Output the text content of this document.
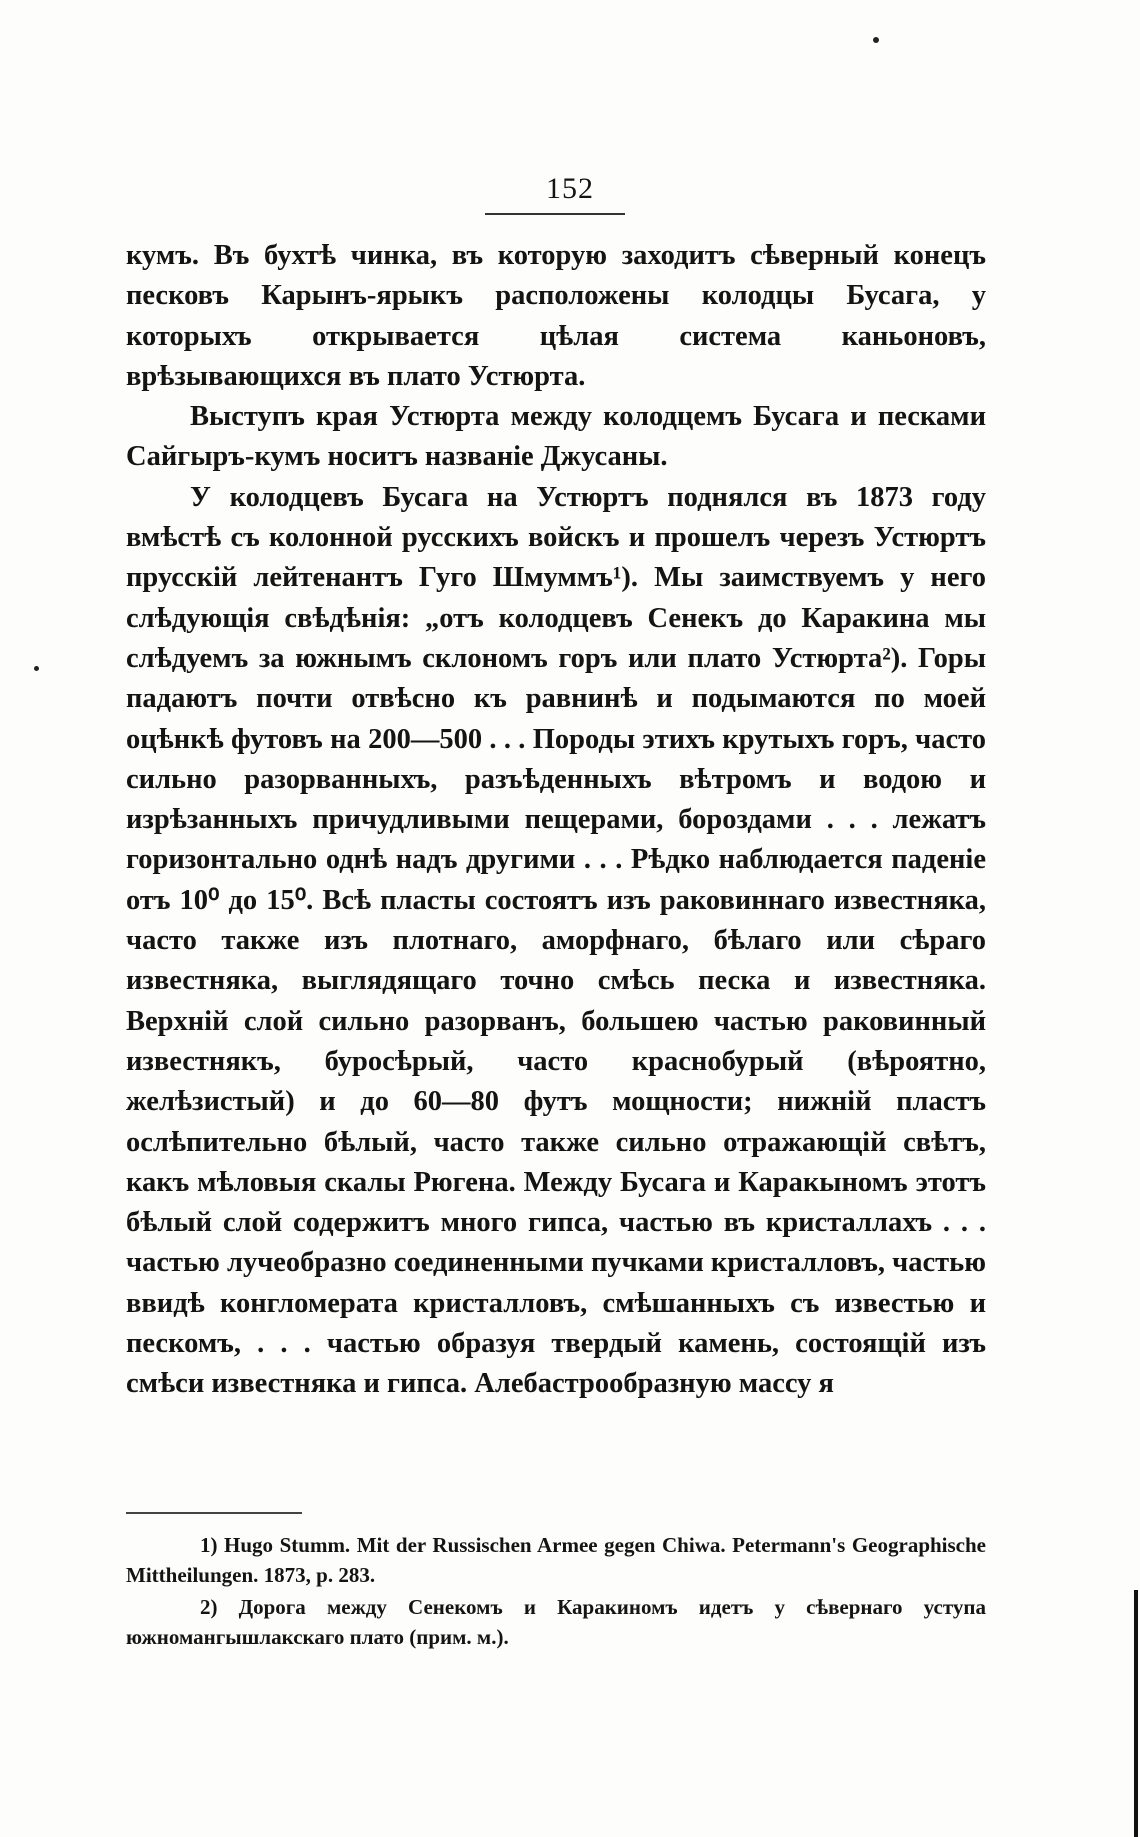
152

кумъ. Въ бухтѣ чинка, въ которую заходитъ сѣверный конецъ песковъ Карынъ-ярыкъ расположены колодцы Бусага, у которыхъ открывается цѣлая система каньоновъ, врѣзывающихся въ плато Устюрта.

Выступъ края Устюрта между колодцемъ Бусага и песками Сайгыръ-кумъ носитъ названіе Джусаны.

У колодцевъ Бусага на Устюртъ поднялся въ 1873 году вмѣстѣ съ колонной русскихъ войскъ и прошелъ черезъ Устюртъ прусскій лейтенантъ Гуго Шмуммъ¹). Мы заимствуемъ у него слѣдующія свѣдѣнія: „отъ колодцевъ Сенекъ до Каракина мы слѣдуемъ за южнымъ склономъ горъ или плато Устюрта²). Горы падаютъ почти отвѣсно къ равнинѣ и подымаются по моей оцѣнкѣ футовъ на 200—500 . . . Породы этихъ крутыхъ горъ, часто сильно разорванныхъ, разъѣденныхъ вѣтромъ и водою и изрѣзанныхъ причудливыми пещерами, бороздами . . . лежатъ горизонтально однѣ надъ другими . . . Рѣдко наблюдается паденіе отъ 10⁰ до 15⁰. Всѣ пласты состоятъ изъ раковиннаго известняка, часто также изъ плотнаго, аморфнаго, бѣлаго или сѣраго известняка, выглядящаго точно смѣсь песка и известняка. Верхній слой сильно разорванъ, большею частью раковинный известнякъ, буросѣрый, часто краснобурый (вѣроятно, желѣзистый) и до 60—80 футъ мощности; нижній пластъ ослѣпительно бѣлый, часто также сильно отражающій свѣтъ, какъ мѣловыя скалы Рюгена. Между Бусага и Каракыномъ этотъ бѣлый слой содержитъ много гипса, частью въ кристаллахъ . . . частью лучеобразно соединенными пучками кристалловъ, частью ввидѣ конгломерата кристалловъ, смѣшанныхъ съ известью и пескомъ, . . . частью образуя твердый камень, состоящій изъ смѣси известняка и гипса. Алебастрообразную массу я

1) Hugo Stumm. Mit der Russischen Armee gegen Chiwa. Petermann's Geographische Mittheilungen. 1873, p. 283.

2) Дорога между Сенекомъ и Каракиномъ идетъ у сѣвернаго уступа южномангышлакскаго плато (прим. м.).
